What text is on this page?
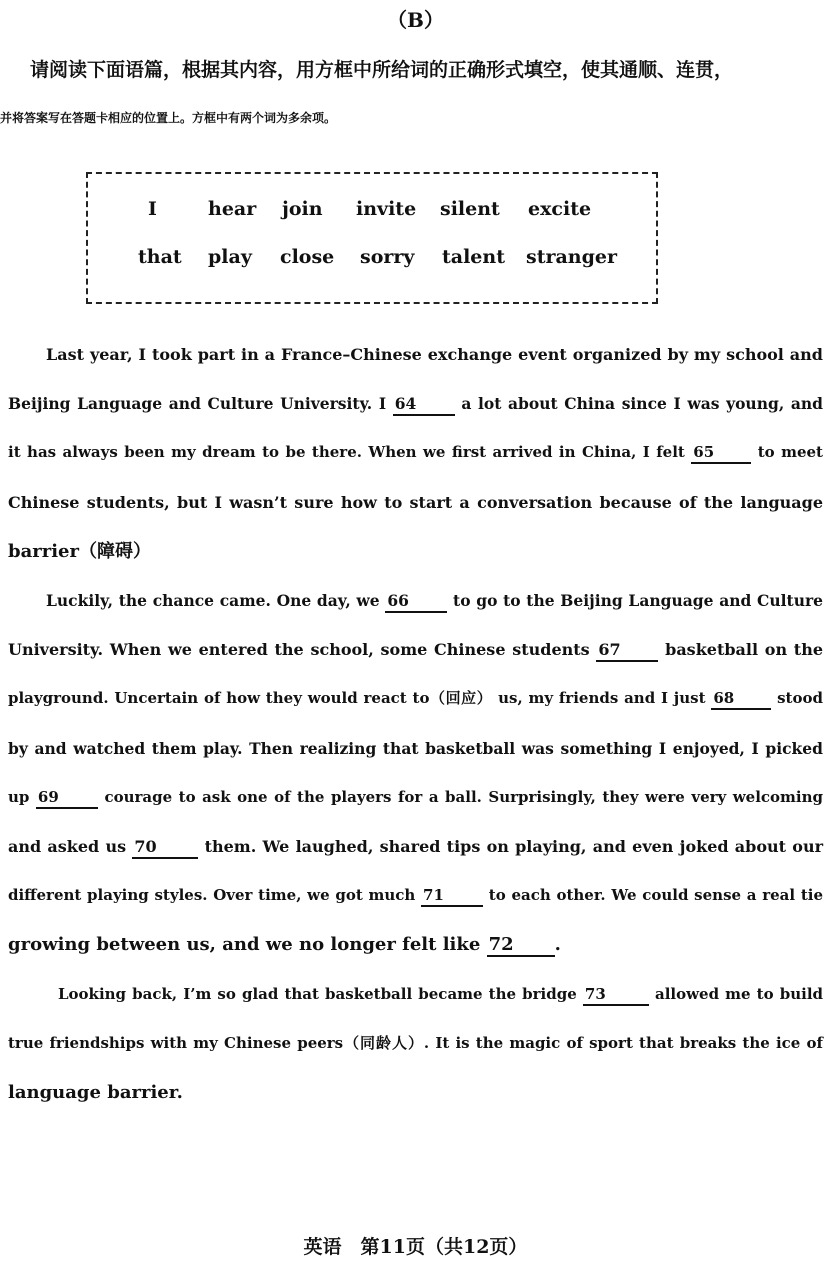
（B）
请阅读下面语篇，根据其内容，用方框中所给词的正确形式填空，使其通顺、连贯，
并将答案写在答题卡相应的位置上。方框中有两个词为多余项。
I	hear join invite silent excite
that play close sorry talent stranger

Last year, I took part in a France–Chinese exchange event organized by my school and
Beijing Language and Culture University. I 64	a lot about China since I was young, and
it has always been my dream to be there. When we first arrived in China, I felt 65	to meet
Chinese students, but I wasn’t sure how to start a conversation because of the language
barrier（障碍）

Luckily, the chance came. One day, we 66	to go to the Beijing Language and Culture
University. When we entered the school, some Chinese students 67	basketball on the
playground. Uncertain of how they would react to（回应） us, my friends and I just 68	stood
by and watched them play. Then realizing that basketball was something I enjoyed, I picked
up 69	courage to ask one of the players for a ball. Surprisingly, they were very welcoming
and asked us 70	them. We laughed, shared tips on playing, and even joked about our
different playing styles. Over time, we got much 71	to each other. We could sense a real tie
growing between us, and we no longer felt like 72 .

Looking back, I’m so glad that basketball became the bridge 73	allowed me to build
true friendships with my Chinese peers（同龄人）. It is the magic of sport that breaks the ice of
language barrier.

英语　第11页（共12页）
